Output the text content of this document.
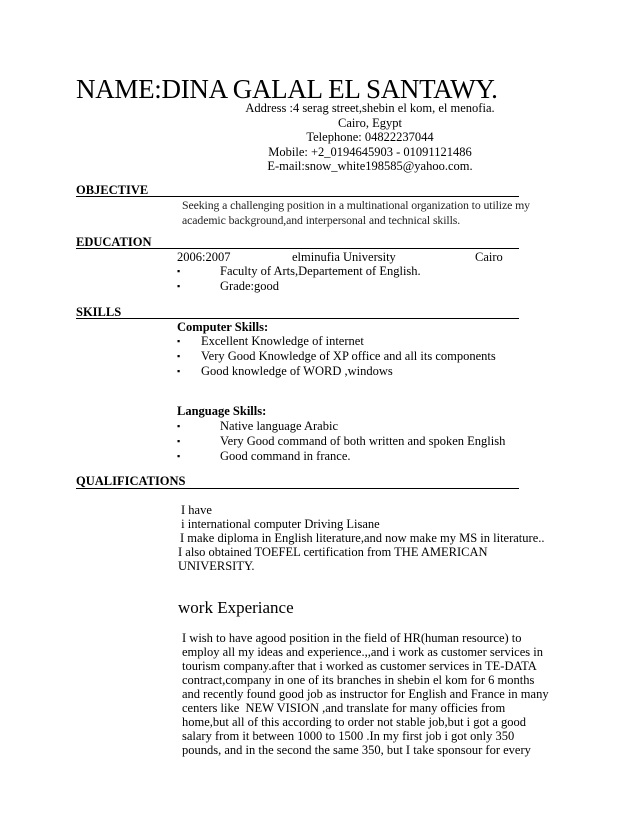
NAME:DINA GALAL EL SANTAWY.
Address :4 serag street,shebin el kom, el menofia.
Cairo, Egypt
Telephone: 04822237044
Mobile: +2_0194645903 - 01091121486
E-mail:snow_white198585@yahoo.com.
OBJECTIVE
Seeking a challenging position in a multinational organization to utilize my
academic background,and interpersonal and technical skills.
EDUCATION
2006:2007	elminufia University	Cairo
▪	Faculty of Arts,Departement of English.
▪	Grade:good
SKILLS
Computer Skills:
▪ Excellent Knowledge of internet
▪ Very Good Knowledge of XP office and all its components
▪ Good knowledge of WORD ,windows
Language Skills:
▪	Native language Arabic
▪	Very Good command of both written and spoken English
▪	Good command in france.
QUALIFICATIONS
I have
i international computer Driving Lisane
I make diploma in English literature,and now make my MS in literature..
I also obtained TOEFEL certification from THE AMERICAN
UNIVERSITY.
work Experiance
I wish to have agood position in the field of HR(human resource) to
employ all my ideas and experience.,,and i work as customer services in
tourism company.after that i worked as customer services in TE-DATA
contract,company in one of its branches in shebin el kom for 6 months
and recently found good job as instructor for English and France in many
centers like  NEW VISION ,and translate for many officies from
home,but all of this according to order not stable job,but i got a good
salary from it between 1000 to 1500 .In my first job i got only 350
pounds, and in the second the same 350, but I take sponsour for every
